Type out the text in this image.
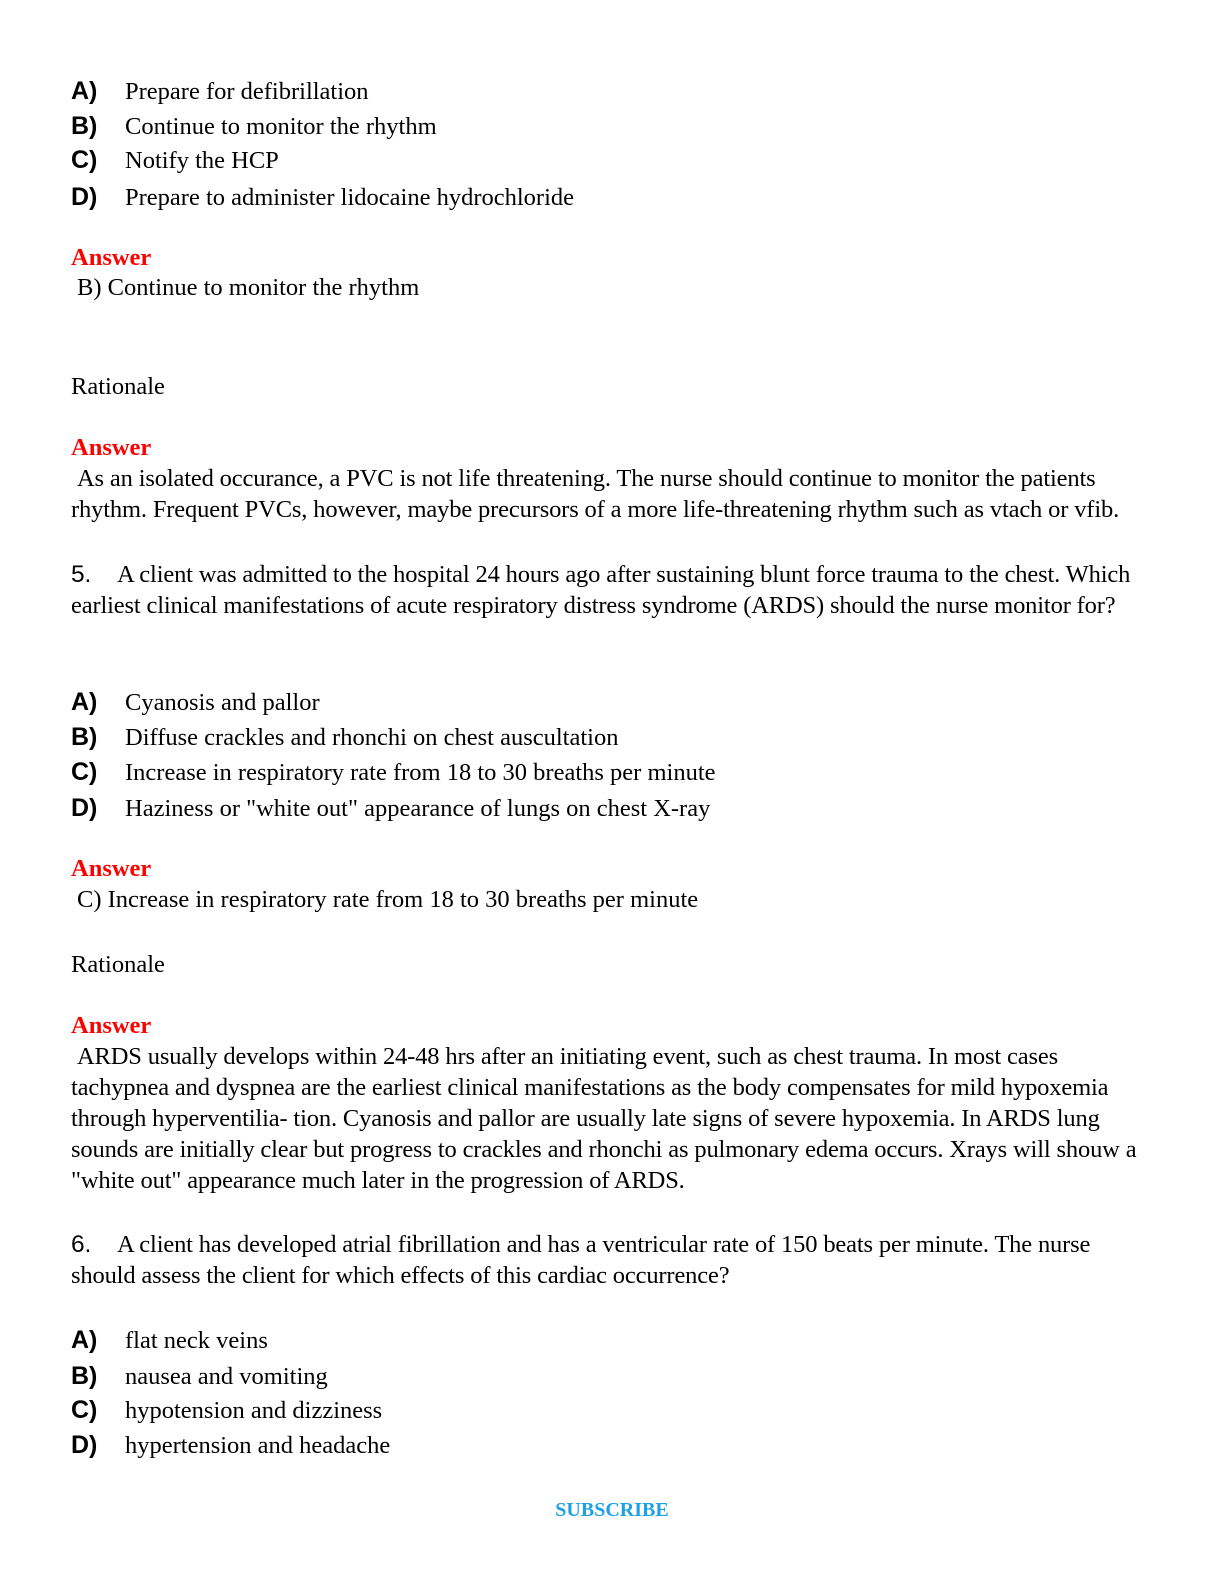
A) Prepare for defibrillation
B) Continue to monitor the rhythm
C) Notify the HCP
D) Prepare to administer lidocaine hydrochloride
Answer
B) Continue to monitor the rhythm
Rationale
Answer
As an isolated occurance, a PVC is not life threatening. The nurse should continue to monitor the patients rhythm. Frequent PVCs, however, maybe precursors of a more life-threatening rhythm such as vtach or vfib.
5. A client was admitted to the hospital 24 hours ago after sustaining blunt force trauma to the chest. Which earliest clinical manifestations of acute respiratory distress syndrome (ARDS) should the nurse monitor for?
A) Cyanosis and pallor
B) Diffuse crackles and rhonchi on chest auscultation
C) Increase in respiratory rate from 18 to 30 breaths per minute
D) Haziness or "white out" appearance of lungs on chest X-ray
Answer
C) Increase in respiratory rate from 18 to 30 breaths per minute
Rationale
Answer
ARDS usually develops within 24-48 hrs after an initiating event, such as chest trauma. In most cases tachypnea and dyspnea are the earliest clinical manifestations as the body compensates for mild hypoxemia through hyperventilia- tion. Cyanosis and pallor are usually late signs of severe hypoxemia. In ARDS lung sounds are initially clear but progress to crackles and rhonchi as pulmonary edema occurs. Xrays will shouw a "white out" appearance much later in the progression of ARDS.
6. A client has developed atrial fibrillation and has a ventricular rate of 150 beats per minute. The nurse should assess the client for which effects of this cardiac occurrence?
A) flat neck veins
B) nausea and vomiting
C) hypotension and dizziness
D) hypertension and headache
SUBSCRIBE
